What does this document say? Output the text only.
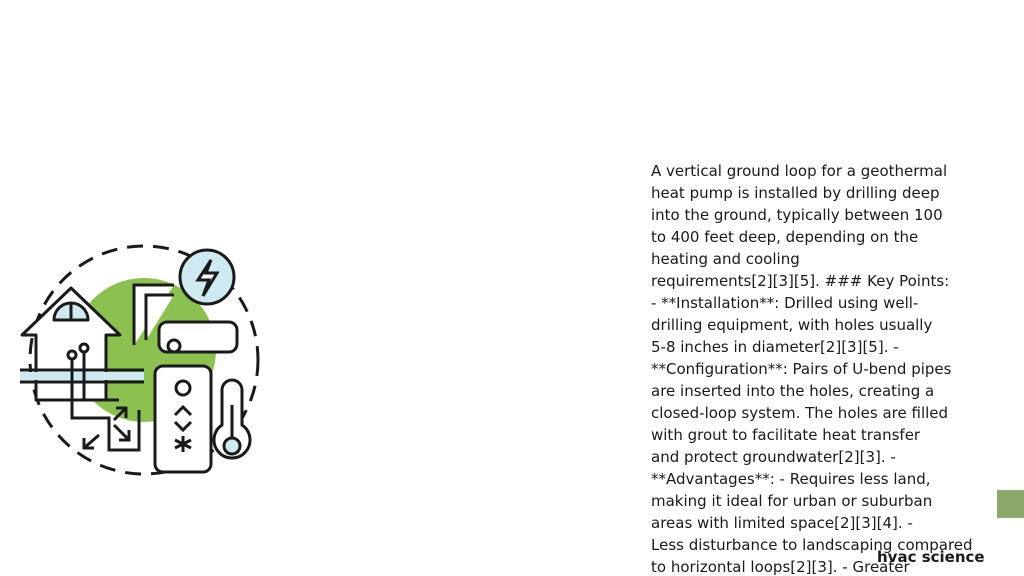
A vertical ground loop for a geothermal
heat pump is installed by drilling deep
into the ground, typically between 100
to 400 feet deep, depending on the
heating and cooling
requirements[2][3][5]. ### Key Points:
- **Installation**: Drilled using well-
drilling equipment, with holes usually
5-8 inches in diameter[2][3][5]. -
**Configuration**: Pairs of U-bend pipes
are inserted into the holes, creating a
closed-loop system. The holes are filled
with grout to facilitate heat transfer
and protect groundwater[2][3]. -
**Advantages**: - Requires less land,
making it ideal for urban or suburban
areas with limited space[2][3][4]. -
Less disturbance to landscaping compared
to horizontal loops[2][3]. - Greater

hvac science
